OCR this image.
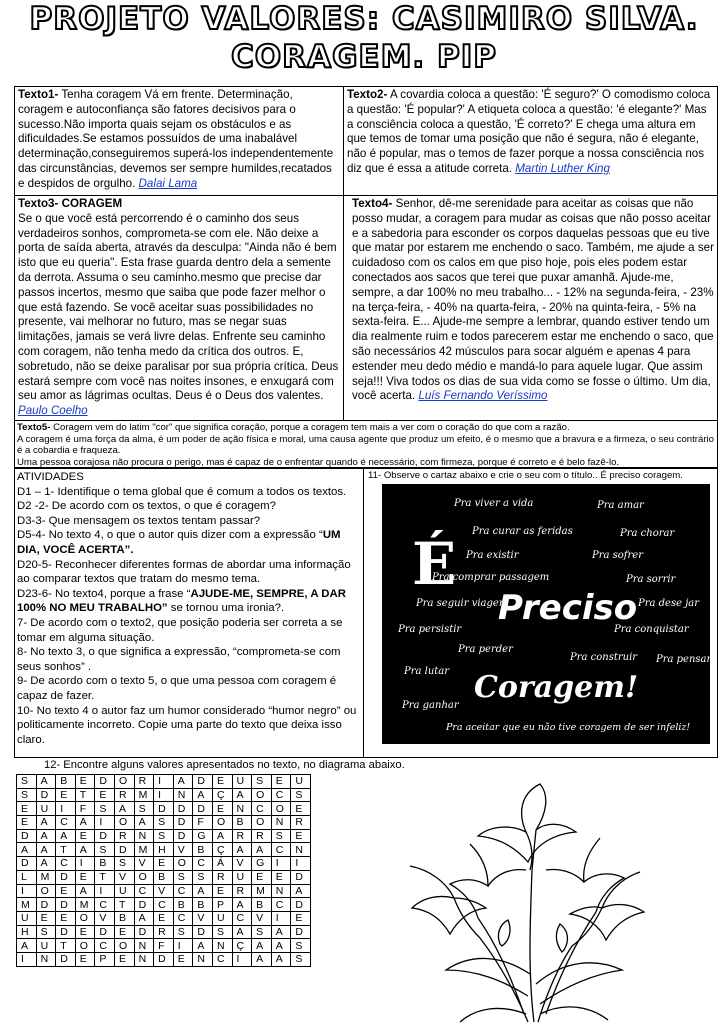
PROJETO VALORES: CASIMIRO SILVA.
CORAGEM. PIP
Texto1- Tenha coragem Vá em frente. Determinação, coragem e autoconfiança são fatores decisivos para o sucesso.Não importa quais sejam os obstáculos e as dificuldades.Se estamos possuídos de uma inabalável determinação,conseguiremos superá-los independentemente das circunstâncias, devemos ser sempre humildes,recatados e despidos de orgulho. Dalai Lama
Texto2- A covardia coloca a questão: 'É seguro?' O comodismo coloca a questão: 'É popular?' A etiqueta coloca a questão: 'é elegante?' Mas a consciência coloca a questão, 'É correto?' E chega uma altura em que temos de tomar uma posição que não é segura, não é elegante, não é popular, mas o temos de fazer porque a nossa consciência nos diz que é essa a atitude correta. Martin Luther King
Texto3- CORAGEM
Se o que você está percorrendo é o caminho dos seus verdadeiros sonhos, comprometa-se com ele. Não deixe a porta de saída aberta, através da desculpa: "Ainda não é bem isto que eu queria". Esta frase guarda dentro dela a semente da derrota. Assuma o seu caminho.mesmo que precise dar passos incertos, mesmo que saiba que pode fazer melhor o que está fazendo. Se você aceitar suas possibilidades no presente, vai melhorar no futuro, mas se negar suas limitações, jamais se verá livre delas. Enfrente seu caminho com coragem, não tenha medo da crítica dos outros. E, sobretudo, não se deixe paralisar por sua própria crítica. Deus estará sempre com você nas noites insones, e enxugará com seu amor as lágrimas ocultas. Deus é o Deus dos valentes. Paulo Coelho
Texto4- Senhor, dê-me serenidade para aceitar as coisas que não posso mudar, a coragem para mudar as coisas que não posso aceitar e a sabedoria para esconder os corpos daquelas pessoas que eu tive que matar por estarem me enchendo o saco. Também, me ajude a ser cuidadoso com os calos em que piso hoje, pois eles podem estar conectados aos sacos que terei que puxar amanhã. Ajude-me, sempre, a dar 100% no meu trabalho... - 12% na segunda-feira, - 23% na terça-feira, - 40% na quarta-feira, - 20% na quinta-feira, - 5% na sexta-feira. E... Ajude-me sempre a lembrar, quando estiver tendo um dia realmente ruim e todos parecerem estar me enchendo o saco, que são necessários 42 músculos para socar alguém e apenas 4 para estender meu dedo médio e mandá-lo para aquele lugar. Que assim seja!!! Viva todos os dias de sua vida como se fosse o último. Um dia, você acerta. Luís Fernando Veríssimo
Texto5- Coragem vem do latim "cor" que significa coração, porque a coragem tem mais a ver com o coração do que com a razão.
A coragem é uma força da alma, é um poder de ação física e moral, uma causa agente que produz um efeito, é o mesmo que a bravura e a firmeza, o seu contrário é a cobardia e fraqueza.
Uma pessoa corajosa não procura o perigo, mas é capaz de o enfrentar quando é necessário, com firmeza, porque é correto e é belo fazê-lo.

ATIVIDADES

D1 – 1- Identifique o tema global que é comum a todos os textos.

D2 -2- De acordo com os textos, o que é coragem?

D3-3- Que mensagem os textos tentam passar?

D5-4- No texto 4, o que o autor quis dizer com a expressão “UM DIA, VOCÊ ACERTA”.

D20-5- Reconhecer diferentes formas de abordar uma informação ao comparar textos que tratam do mesmo tema.

D23-6- No texto4, porque a frase “AJUDE-ME, SEMPRE, A DAR 100% NO MEU TRABALHO” se tornou uma ironia?.

7- De acordo com o texto2, que posição poderia ser correta a se tomar em alguma situação.

8- No texto 3, o que significa a expressão, “comprometa-se com seus sonhos” .

9- De acordo com o texto 5, o que uma pessoa com coragem é capaz de fazer.

10- No texto 4 o autor faz um humor considerado “humor negro” ou politicamente incorreto. Copie uma parte do texto que deixa isso claro.

11- Observe o cartaz abaixo e crie o seu com o título.. É preciso coragem.
Pra viver a vida	Pra amar
Pra curar as feridas	Pra chorar
Pra existir	Pra sofrer
Pra comprar passagem	Pra sorrir
Pra seguir viagem	Pra dese jar
Pra persistir	Pra conquistar
Pra perder
Pra construir Pra pensar
Pra lutar
Pra ganhar
Pra aceitar que eu não tive coragem de ser infeliz!
É
Preciso
Coragem!
12- Encontre alguns valores apresentados no texto, no diagrama abaixo.
S	A	B	E	D	O	R	I	A	D	E	U	S	E	U
S	D	E	T	E	R	M	I	N	A	Ç	A	O	C	S
E	U	I	F	S	A	S	D	D	D	E	N	C	O	E
E	A	C	A	I	O	A	S	D	F	O	B	O	N	R
D	A	A	E	D	R	N	S	D	G	A	R	R	S	E
A	A	T	A	S	D	M	H	V	B	Ç	A	A	C	N
D	A	C	I	B	S	V	E	O	C	Á	V	G	I	I
L	M	D	E	T	V	O	B	S	S	R	U	E	E	D
I	O	E	A	I	U	C	V	C	A	E	R	M	N	A
M	D	D	M	C	T	D	C	B	B	P	A	B	C	D
U	E	E	O	V	B	A	E	C	V	U	C	V	I	E
H	S	D	E	D	E	D	R	S	D	S	A	S	A	D
A	U	T	O	C	O	N	F	I	A	N	Ç	A	A	S
I	N	D	E	P	E	N	D	E	N	C	I	A	A	S
